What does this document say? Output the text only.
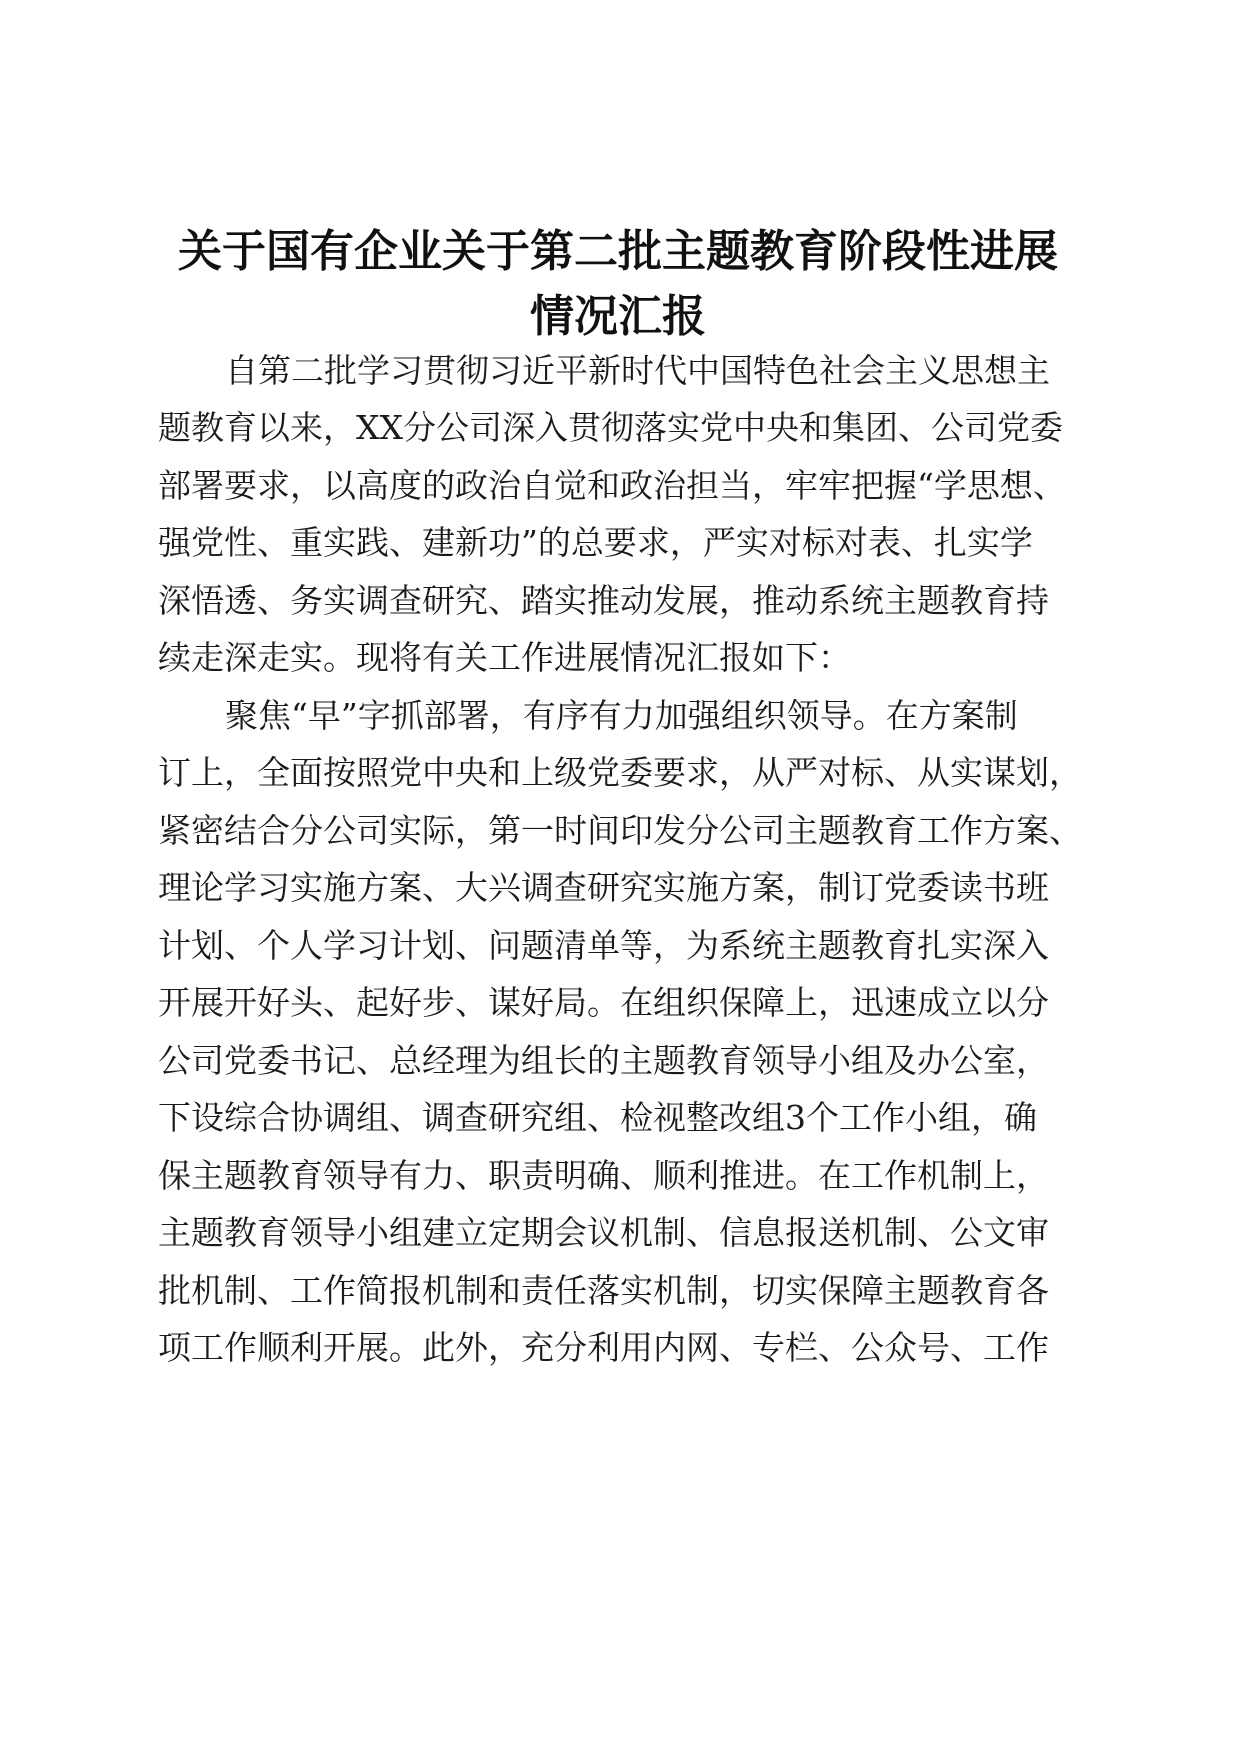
关于国有企业关于第二批主题教育阶段性进展
情况汇报
自第二批学习贯彻习近平新时代中国特色社会主义思想主
题教育以来，XX分公司深入贯彻落实党中央和集团、公司党委
部署要求，以高度的政治自觉和政治担当，牢牢把握“学思想、
强党性、重实践、建新功”的总要求，严实对标对表、扎实学
深悟透、务实调查研究、踏实推动发展，推动系统主题教育持
续走深走实。现将有关工作进展情况汇报如下：
聚焦“早”字抓部署，有序有力加强组织领导。在方案制
订上，全面按照党中央和上级党委要求，从严对标、从实谋划，
紧密结合分公司实际，第一时间印发分公司主题教育工作方案、
理论学习实施方案、大兴调查研究实施方案，制订党委读书班
计划、个人学习计划、问题清单等，为系统主题教育扎实深入
开展开好头、起好步、谋好局。在组织保障上，迅速成立以分
公司党委书记、总经理为组长的主题教育领导小组及办公室，
下设综合协调组、调查研究组、检视整改组3个工作小组，确
保主题教育领导有力、职责明确、顺利推进。在工作机制上，
主题教育领导小组建立定期会议机制、信息报送机制、公文审
批机制、工作简报机制和责任落实机制，切实保障主题教育各
项工作顺利开展。此外，充分利用内网、专栏、公众号、工作
